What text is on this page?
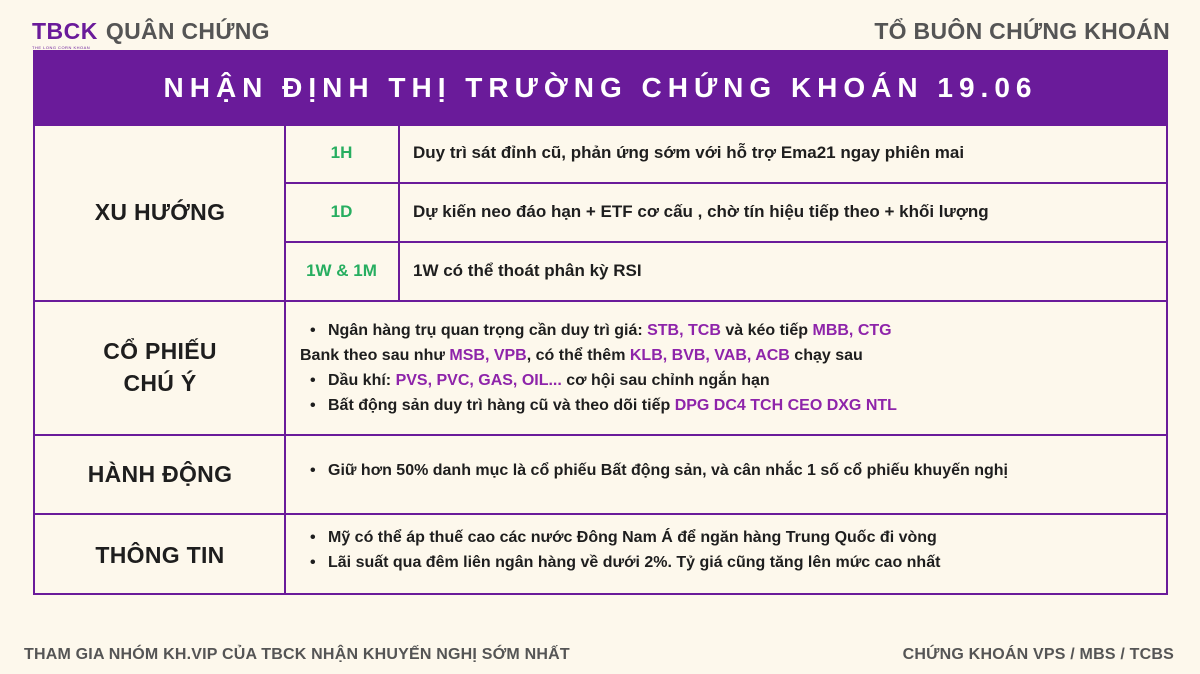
TBCK
THE LONG CORN KHOAN
QUÂN CHỨNG	TỔ BUÔN CHỨNG KHOÁN
NHẬN ĐỊNH THỊ TRƯỜNG CHỨNG KHOÁN 19.06
XU HƯỚNG
1H	Duy trì sát đỉnh cũ, phản ứng sớm với hỗ trợ Ema21 ngay phiên mai
1D	Dự kiến neo đáo hạn + ETF cơ cấu , chờ tín hiệu tiếp theo + khối lượng
1W & 1M	1W có thể thoát phân kỳ RSI
CỔ PHIẾU
CHÚ Ý
• Ngân hàng trụ quan trọng cần duy trì giá: STB, TCB và kéo tiếp MBB, CTG
Bank theo sau như MSB, VPB, có thể thêm KLB, BVB, VAB, ACB chạy sau
• Dầu khí: PVS, PVC, GAS, OIL... cơ hội sau chỉnh ngắn hạn
• Bất động sản duy trì hàng cũ và theo dõi tiếp DPG DC4 TCH CEO DXG NTL
HÀNH ĐỘNG
•	Giữ hơn 50% danh mục là cổ phiếu Bất động sản, và cân nhắc 1 số cổ phiếu khuyến nghị
THÔNG TIN
• Mỹ có thể áp thuế cao các nước Đông Nam Á để ngăn hàng Trung Quốc đi vòng
• Lãi suất qua đêm liên ngân hàng về dưới 2%. Tỷ giá cũng tăng lên mức cao nhất
THAM GIA NHÓM KH.VIP CỦA TBCK NHẬN KHUYẾN NGHỊ SỚM NHẤT	CHỨNG KHOÁN VPS / MBS / TCBS
